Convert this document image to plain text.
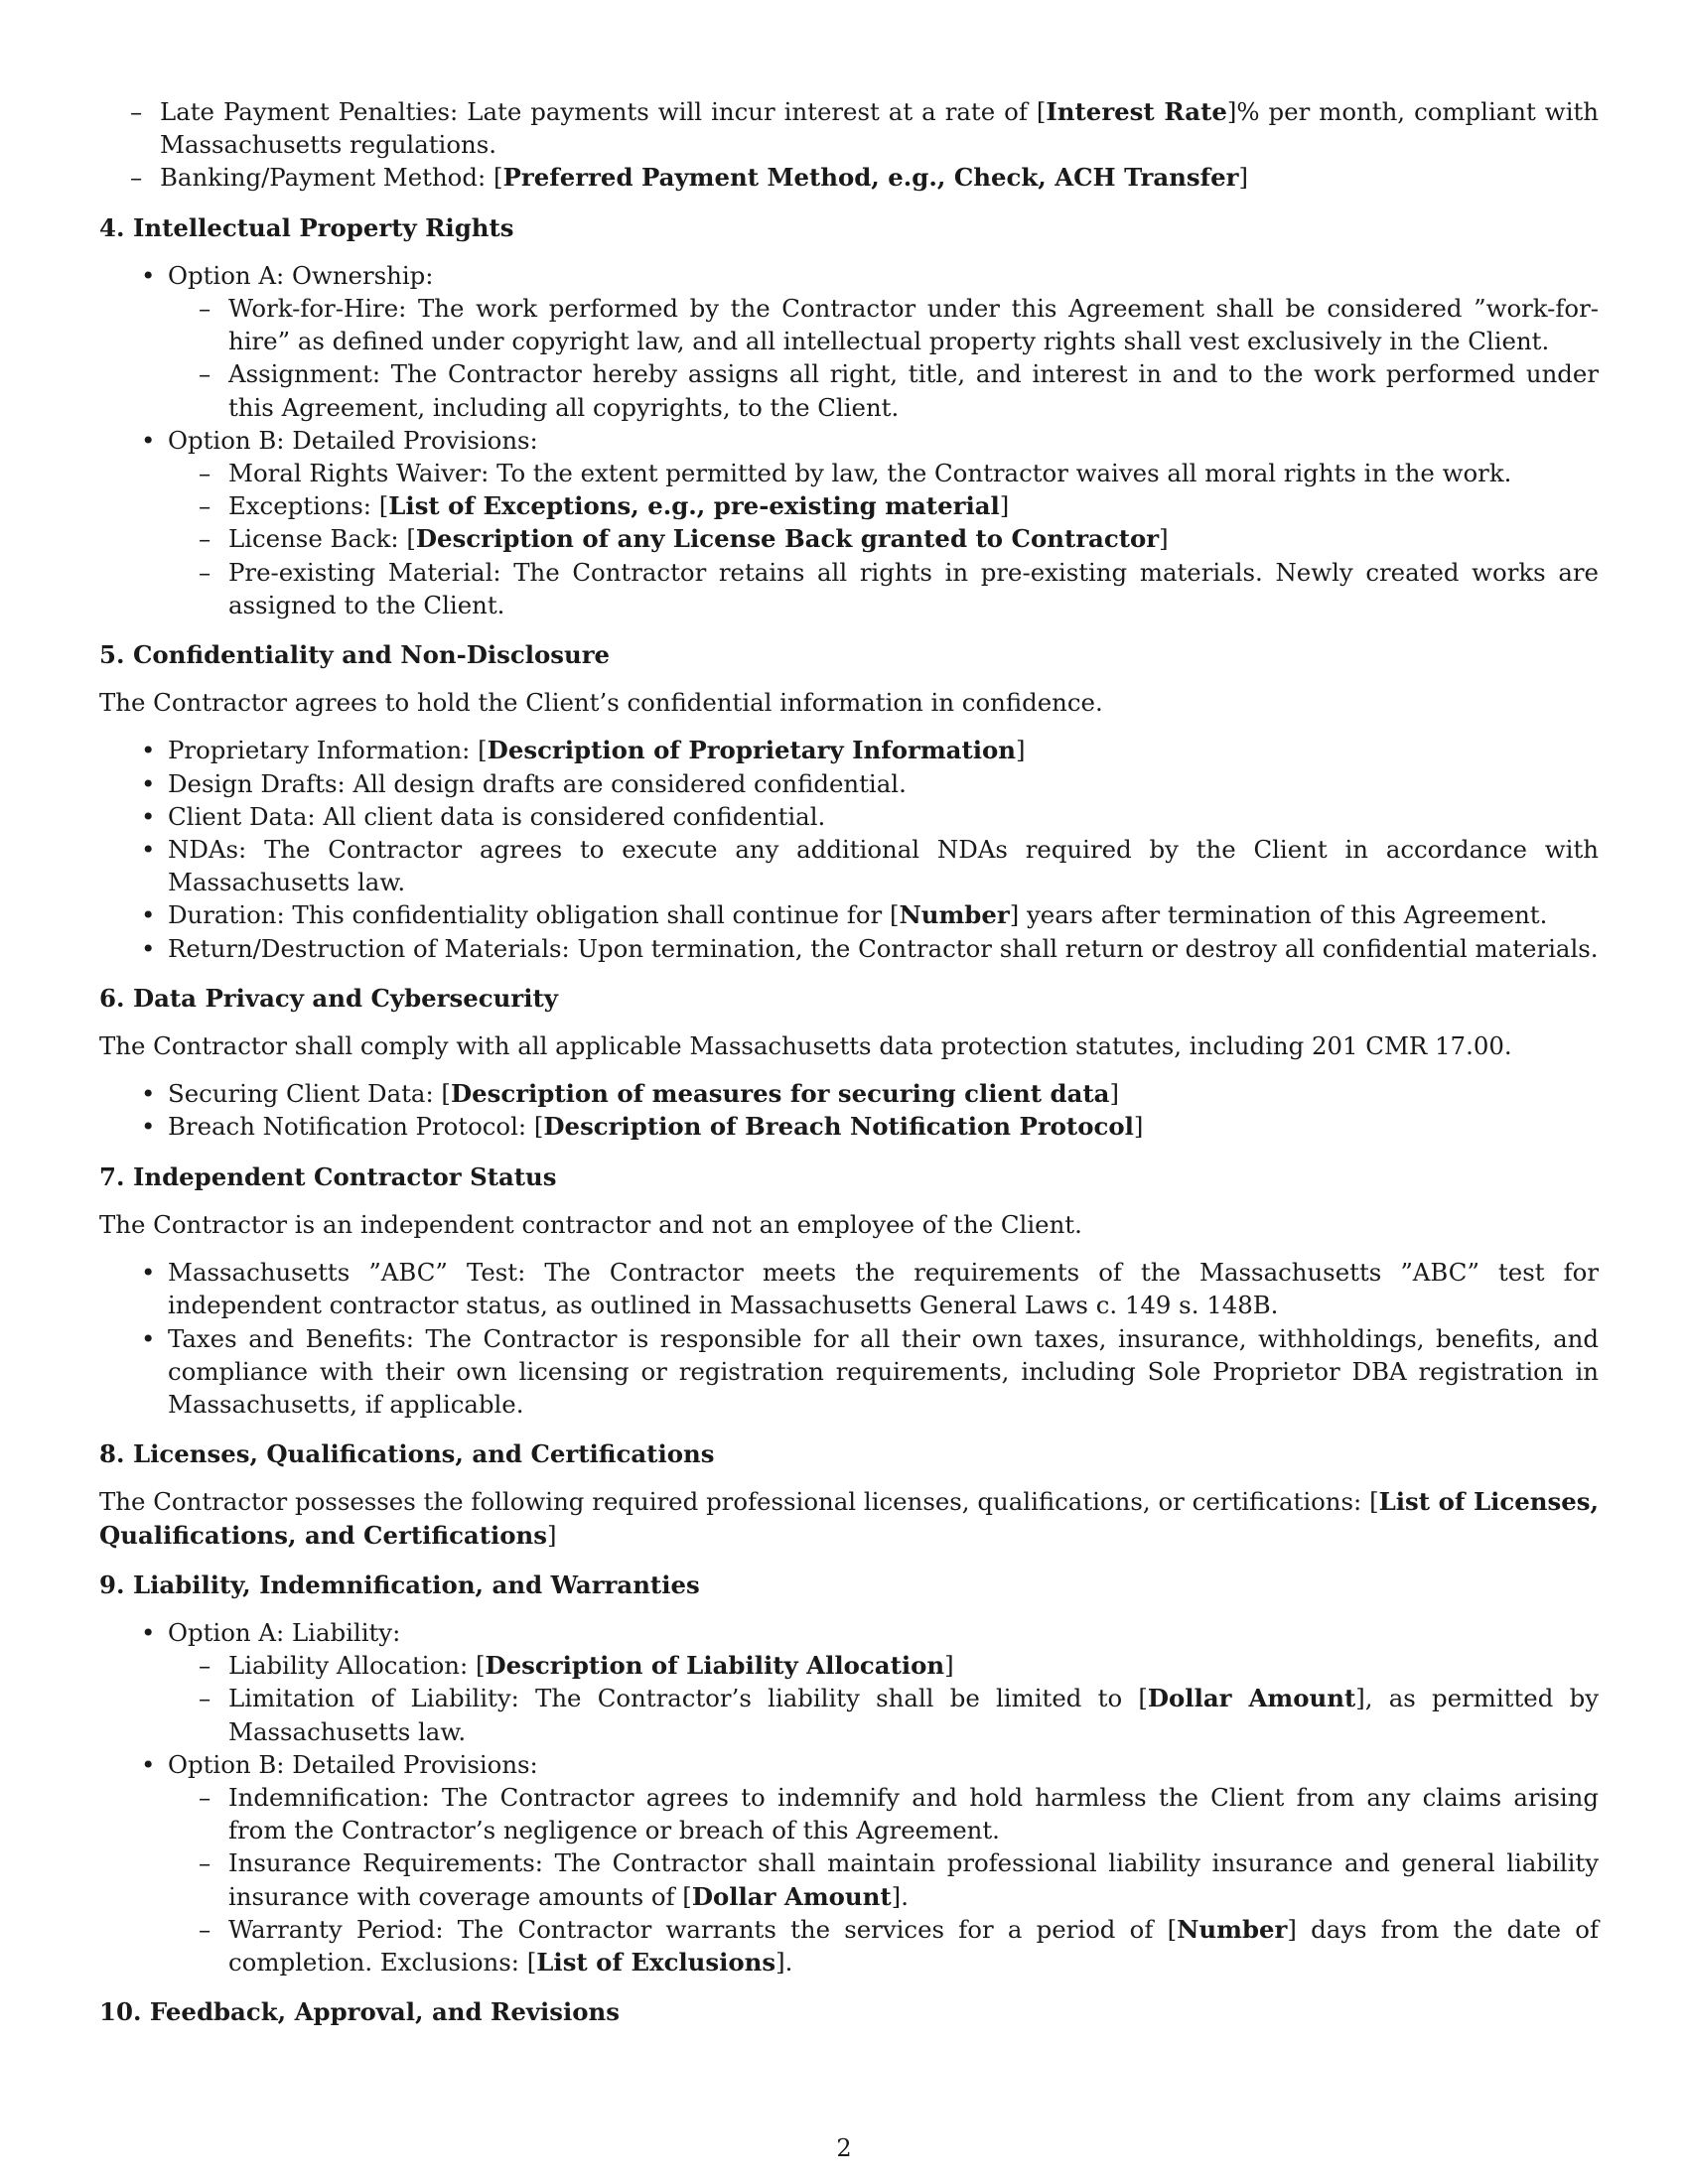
– Late Payment Penalties: Late payments will incur interest at a rate of [Interest Rate]% per month, compliant with Massachusetts regulations.
– Banking/Payment Method: [Preferred Payment Method, e.g., Check, ACH Transfer]

4. Intellectual Property Rights

• Option A: Ownership:
– Work-for-Hire: The work performed by the Contractor under this Agreement shall be considered ”work-for-hire” as defined under copyright law, and all intellectual property rights shall vest exclusively in the Client.
– Assignment: The Contractor hereby assigns all right, title, and interest in and to the work performed under this Agreement, including all copyrights, to the Client.
• Option B: Detailed Provisions:
– Moral Rights Waiver: To the extent permitted by law, the Contractor waives all moral rights in the work.
– Exceptions: [List of Exceptions, e.g., pre-existing material]
– License Back: [Description of any License Back granted to Contractor]
– Pre-existing Material: The Contractor retains all rights in pre-existing materials. Newly created works are assigned to the Client.

5. Confidentiality and Non-Disclosure

The Contractor agrees to hold the Client’s confidential information in confidence.

• Proprietary Information: [Description of Proprietary Information]
• Design Drafts: All design drafts are considered confidential.
• Client Data: All client data is considered confidential.
• NDAs: The Contractor agrees to execute any additional NDAs required by the Client in accordance with Massachusetts law.
• Duration: This confidentiality obligation shall continue for [Number] years after termination of this Agreement.
• Return/Destruction of Materials: Upon termination, the Contractor shall return or destroy all confidential materials.

6. Data Privacy and Cybersecurity

The Contractor shall comply with all applicable Massachusetts data protection statutes, including 201 CMR 17.00.

• Securing Client Data: [Description of measures for securing client data]
• Breach Notification Protocol: [Description of Breach Notification Protocol]

7. Independent Contractor Status

The Contractor is an independent contractor and not an employee of the Client.

• Massachusetts ”ABC” Test: The Contractor meets the requirements of the Massachusetts ”ABC” test for independent contractor status, as outlined in Massachusetts General Laws c. 149 s. 148B.
• Taxes and Benefits: The Contractor is responsible for all their own taxes, insurance, withholdings, benefits, and compliance with their own licensing or registration requirements, including Sole Proprietor DBA registration in Massachusetts, if applicable.

8. Licenses, Qualifications, and Certifications

The Contractor possesses the following required professional licenses, qualifications, or certifications: [List of Licenses, Qualifications, and Certifications]

9. Liability, Indemnification, and Warranties

• Option A: Liability:
– Liability Allocation: [Description of Liability Allocation]
– Limitation of Liability: The Contractor’s liability shall be limited to [Dollar Amount], as permitted by Massachusetts law.
• Option B: Detailed Provisions:
– Indemnification: The Contractor agrees to indemnify and hold harmless the Client from any claims arising from the Contractor’s negligence or breach of this Agreement.
– Insurance Requirements: The Contractor shall maintain professional liability insurance and general liability insurance with coverage amounts of [Dollar Amount].
– Warranty Period: The Contractor warrants the services for a period of [Number] days from the date of completion. Exclusions: [List of Exclusions].

10. Feedback, Approval, and Revisions

2
